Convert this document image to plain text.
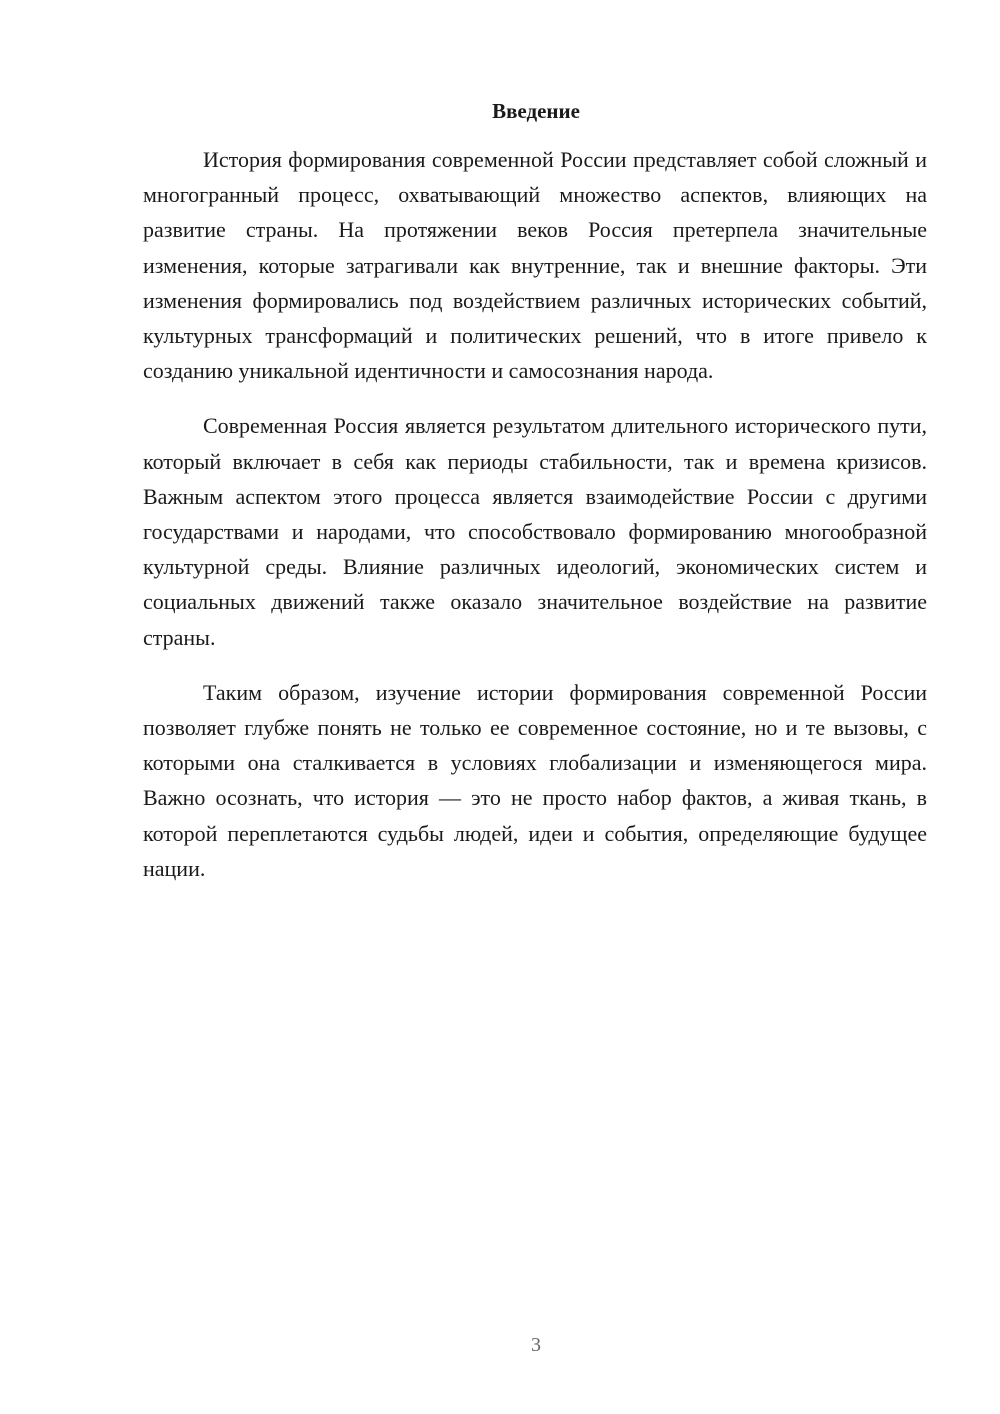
Введение

История формирования современной России представляет собой сложный и многогранный процесс, охватывающий множество аспектов, влияющих на развитие страны. На протяжении веков Россия претерпела значительные изменения, которые затрагивали как внутренние, так и внешние факторы. Эти изменения формировались под воздействием различных исторических событий, культурных трансформаций и политических решений, что в итоге привело к созданию уникальной идентичности и самосознания народа.

Современная Россия является результатом длительного исторического пути, который включает в себя как периоды стабильности, так и времена кризисов. Важным аспектом этого процесса является взаимодействие России с другими государствами и народами, что способствовало формированию многообразной культурной среды. Влияние различных идеологий, экономических систем и социальных движений также оказало значительное воздействие на развитие страны.

Таким образом, изучение истории формирования современной России позволяет глубже понять не только ее современное состояние, но и те вызовы, с которыми она сталкивается в условиях глобализации и изменяющегося мира. Важно осознать, что история — это не просто набор фактов, а живая ткань, в которой переплетаются судьбы людей, идеи и события, определяющие будущее нации.

3
